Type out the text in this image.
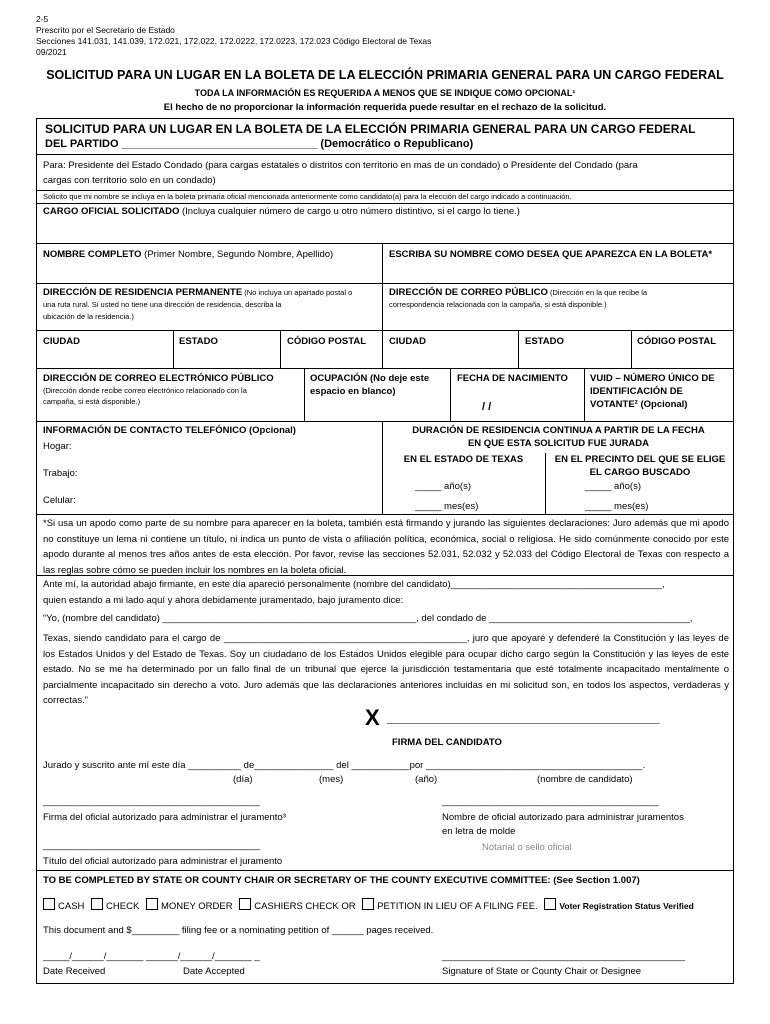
2-5
Prescrito por el Secretario de Estado
Secciones 141.031, 141.039, 172.021, 172.022, 172.0222, 172.0223, 172.023 Código Electoral de Texas
09/2021
SOLICITUD PARA UN LUGAR EN LA BOLETA DE LA ELECCIÓN PRIMARIA GENERAL PARA UN CARGO FEDERAL
TODA LA INFORMACIÓN ES REQUERIDA A MENOS QUE SE INDIQUE COMO OPCIONAL¹
El hecho de no proporcionar la información requerida puede resultar en el rechazo de la solicitud.
SOLICITUD PARA UN LUGAR EN LA BOLETA DE LA ELECCIÓN PRIMARIA GENERAL PARA UN CARGO FEDERAL
DEL PARTIDO ________________________________ (Democrático o Republicano)
Para: Presidente del Estado Condado (para cargas estatales o distritos con territorio en mas de un condado) o Presidente del Condado (para
cargas con territorio solo en un condado)
Solicito que mi nombre se incluya en la boleta primaria oficial mencionada anteriormente como candidato(a) para la elección del cargo indicado a continuación.
CARGO OFICIAL SOLICITADO (Incluya cualquier número de cargo u otro número distintivo, si el cargo lo tiene.)
NOMBRE COMPLETO (Primer Nombre, Segundo Nombre, Apellido)	ESCRIBA SU NOMBRE COMO DESEA QUE APAREZCA EN LA BOLETA*
DIRECCIÓN DE RESIDENCIA PERMANENTE (No incluya un apartado postal o
una ruta rural. Si usted no tiene una dirección de residencia, describa la
ubicación de la residencia.)
DIRECCIÓN DE CORREO PÚBLICO (Dirección en la que recibe la
correspondencia relacionada con la campaña, si está disponible.)
CIUDAD	ESTADO	CÓDIGO POSTAL CIUDAD	ESTADO	CÓDIGO POSTAL
DIRECCIÓN DE CORREO ELECTRÓNICO PÚBLICO
(Dirección donde recibe correo electrónico relacionado con la
campaña, si está disponible.)
OCUPACIÓN (No deje este
espacio en blanco)
FECHA DE NACIMIENTO
/ /
VUID – NÚMERO ÚNICO DE
IDENTIFICACIÓN DE
VOTANTE² (Opcional)
INFORMACIÓN DE CONTACTO TELEFÓNICO (Opcional)
Hogar:
Trabajo:
Celular:
DURACIÓN DE RESIDENCIA CONTINUA A PARTIR DE LA FECHA
EN QUE ESTA SOLICITUD FUE JURADA
EN EL ESTADO DE TEXAS	EN EL PRECINTO DEL QUE SE ELIGE
EL CARGO BUSCADO
_____ año(s)	_____ año(s)
_____ mes(es)	_____ mes(es)
*Si usa un apodo como parte de su nombre para aparecer en la boleta, también está firmando y jurando las siguientes declaraciones: Juro además que mi apodo no constituye un lema ni contiene un título, ni indica un punto de vista o afiliación política, económica, social o religiosa. He sido comúnmente conocido por este apodo durante al menos tres años antes de esta elección. Por favor, revise las secciones 52.031, 52.032 y 52.033 del Código Electoral de Texas con respecto a las reglas sobre cómo se pueden incluir los nombres en la boleta oficial.
Ante mí, la autoridad abajo firmante, en este día apareció personalmente (nombre del candidato)________________________________________,
quien estando a mi lado aquí y ahora debidamente juramentado, bajo juramento dice:
“Yo, (nombre del candidato) ________________________________________________, del condado de ______________________________________,
Texas, siendo candidato para el cargo de ______________________________________________, juro que apoyaré y defenderé la Constitución y las leyes de los Estados Unidos y del Estado de Texas. Soy un ciudadano de los Estados Unidos elegible para ocupar dicho cargo según la Constitución y las leyes de este estado. No se me ha determinado por un fallo final de un tribunal que ejerce la jurisdicción testamentaria que esté totalmente incapacitado mentalmente o parcialmente incapacitado sin derecho a voto. Juro además que las declaraciones anteriores incluidas en mi solicitud son, en todos los aspectos, verdaderas y correctas.”
X ___________________________________
FIRMA DEL CANDIDATO
Jurado y suscrito ante mí este día __________ de_______________ del ___________por _________________________________________.
(día)	(mes)	(año)	(nombre de candidato)
_________________________________________
Firma del oficial autorizado para administrar el juramento³
_________________________________________
Nombre de oficial autorizado para administrar juramentos
en letra de molde
Notarial o sello oficial
_________________________________________
Título del oficial autorizado para administrar el juramento
TO BE COMPLETED BY STATE OR COUNTY CHAIR OR SECRETARY OF THE COUNTY EXECUTIVE COMMITTEE: (See Section 1.007)
CASH CHECK MONEY ORDER CASHIERS CHECK OR PETITION IN LIEU OF A FILING FEE.	Voter Registration Status Verified
This document and $_________ filing fee or a nominating petition of ______ pages received.
_____/______/_______ ______/______/_______ _
Date Received	Date Accepted
______________________________________________
Signature of State or County Chair or Designee
